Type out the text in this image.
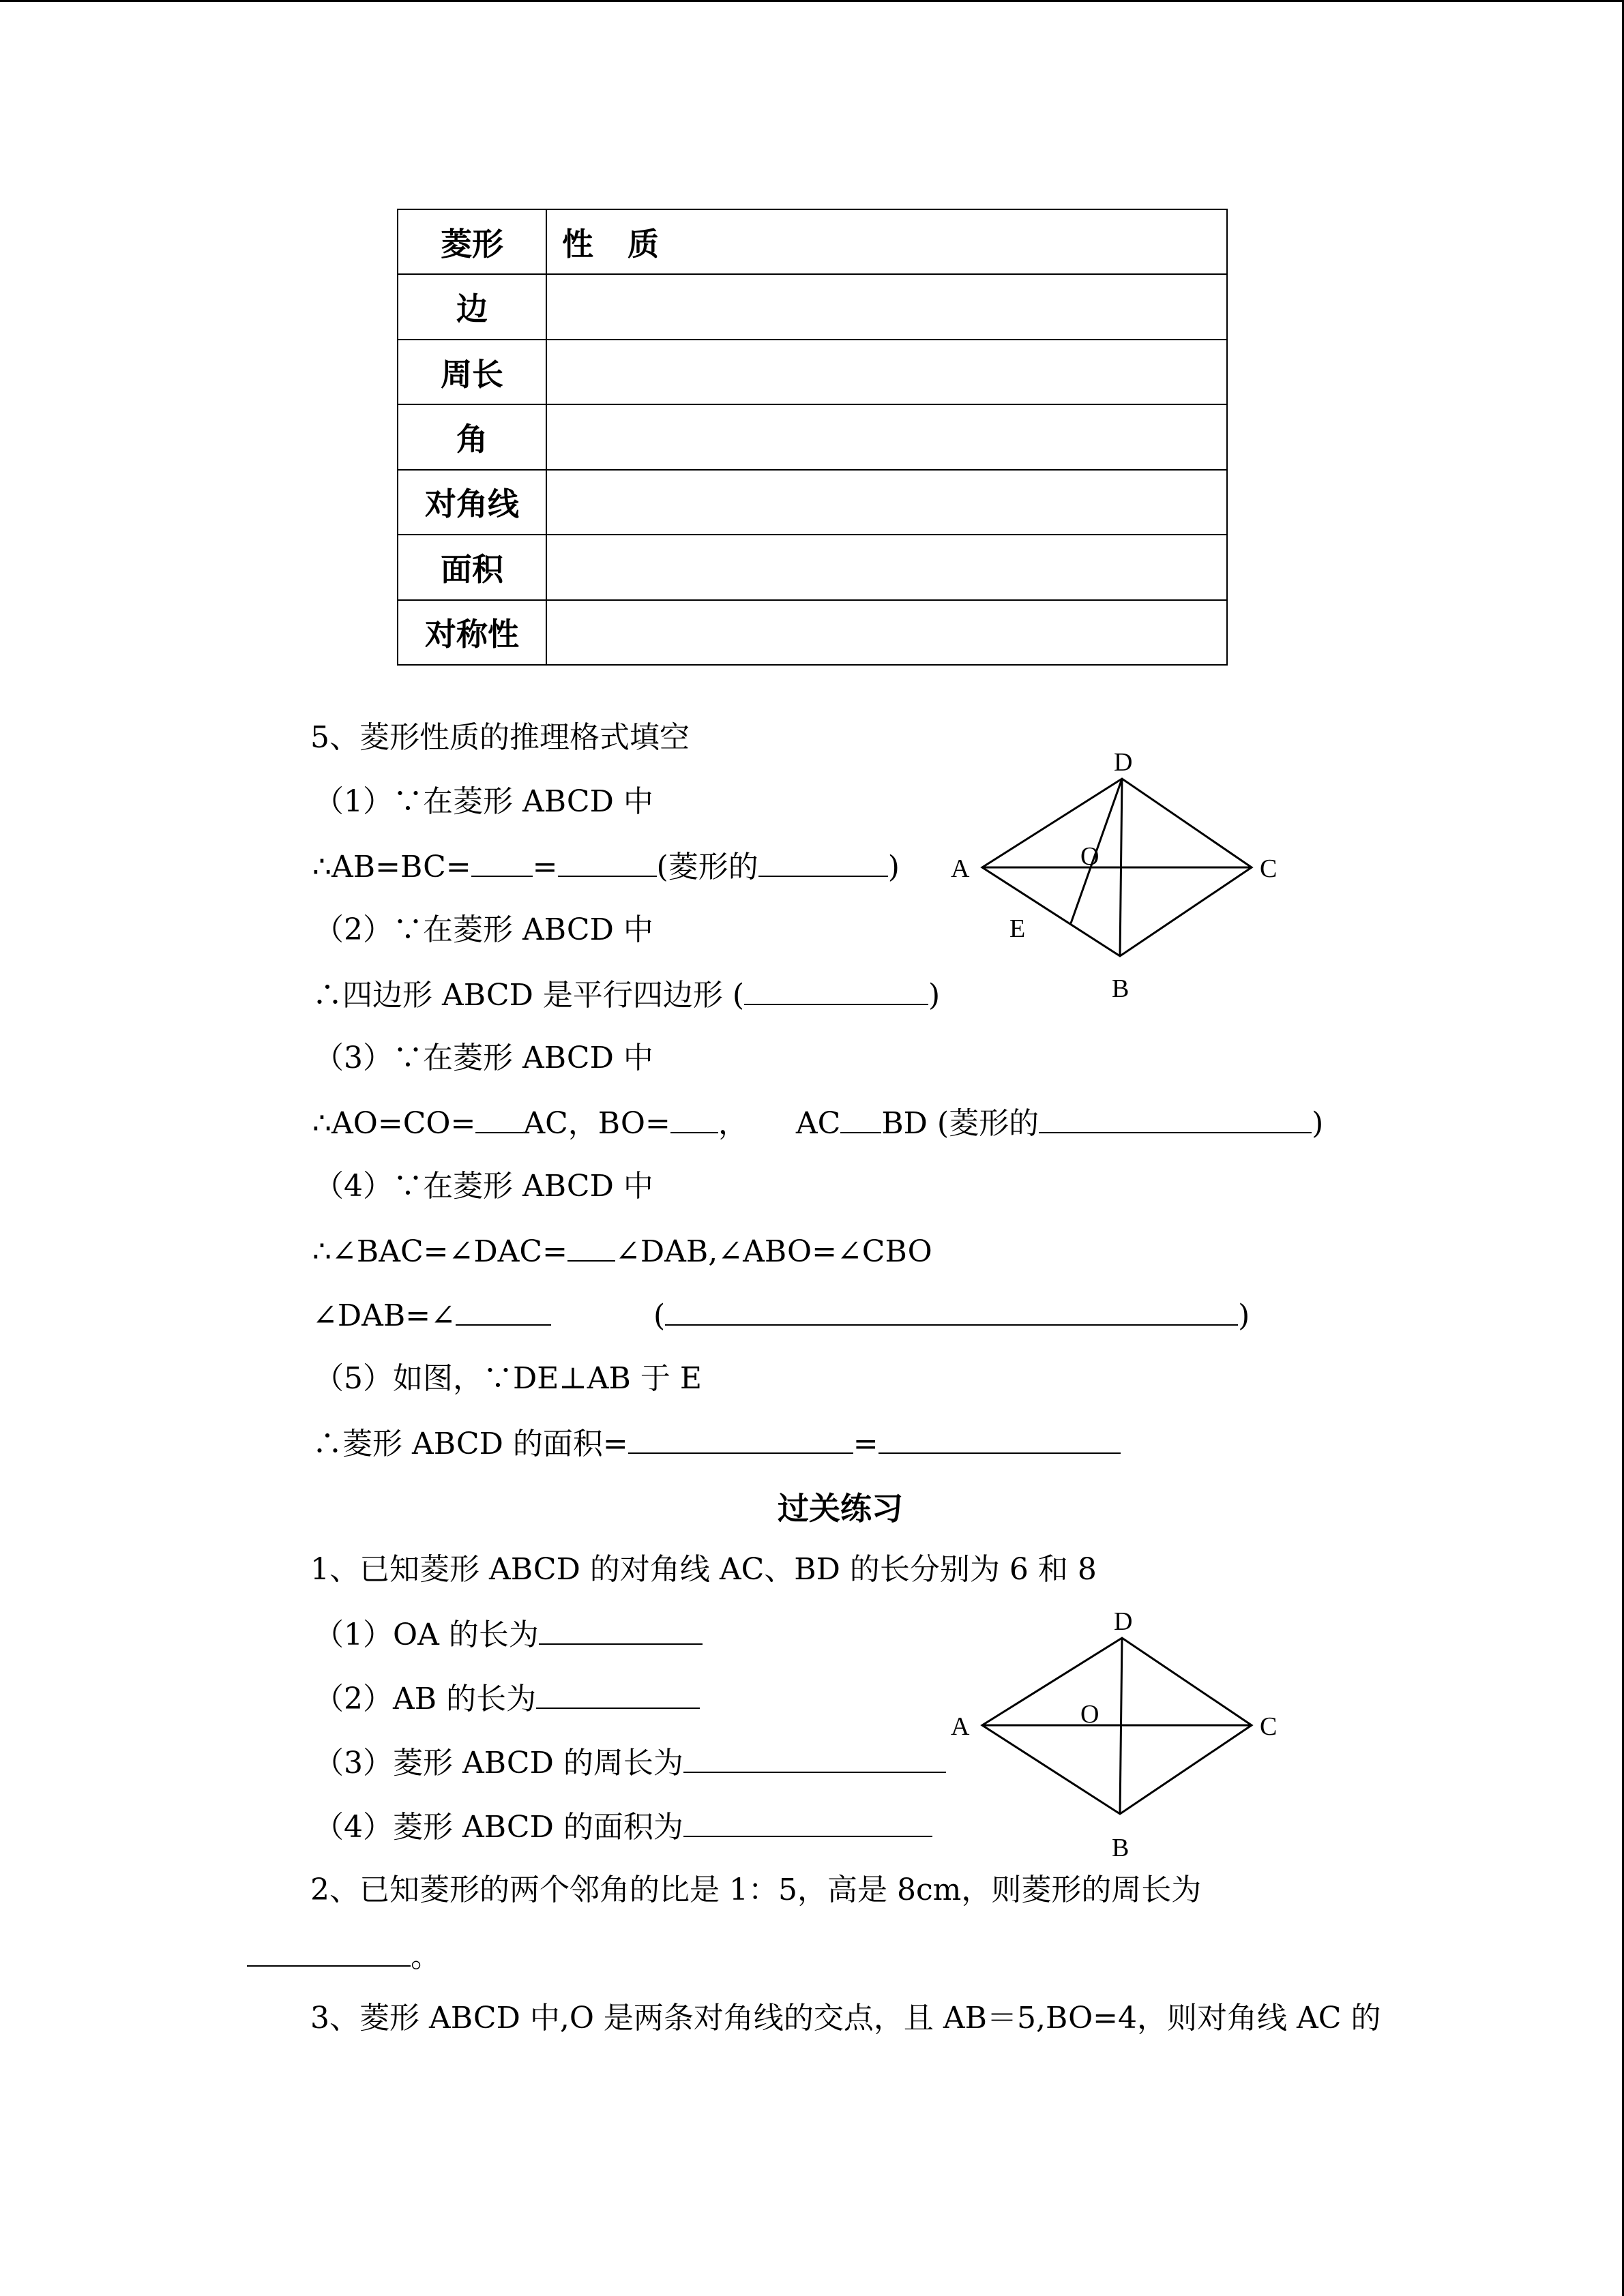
菱形	性　质
边	
周长	
角	
对角线	
面积	
对称性	
5、菱形性质的推理格式填空
（1）∵在菱形 ABCD 中
∴AB=BC= =	(菱形的	)
（2）∵在菱形 ABCD 中
∴四边形 ABCD 是平行四边形 (	)
（3）∵在菱形 ABCD 中
∴AO=CO= AC，BO= ， AC BD (菱形的	)
（4）∵在菱形 ABCD 中
∴∠BAC=∠DAC= ∠DAB,∠ABO=∠CBO
∠DAB=∠	(	)
（5）如图，∵DE⊥AB 于 E
∴菱形 ABCD 的面积=	=
D
A	C
O
E
B
过关练习
1、已知菱形 ABCD 的对角线 AC、BD 的长分别为 6 和 8
（1）OA 的长为
（2）AB 的长为
（3）菱形 ABCD 的周长为
（4）菱形 ABCD 的面积为
D
A	C
O
B
2、已知菱形的两个邻角的比是 1：5，高是 8cm，则菱形的周长为
。
3、菱形 ABCD 中,O 是两条对角线的交点，且 AB＝5,BO=4，则对角线 AC 的
